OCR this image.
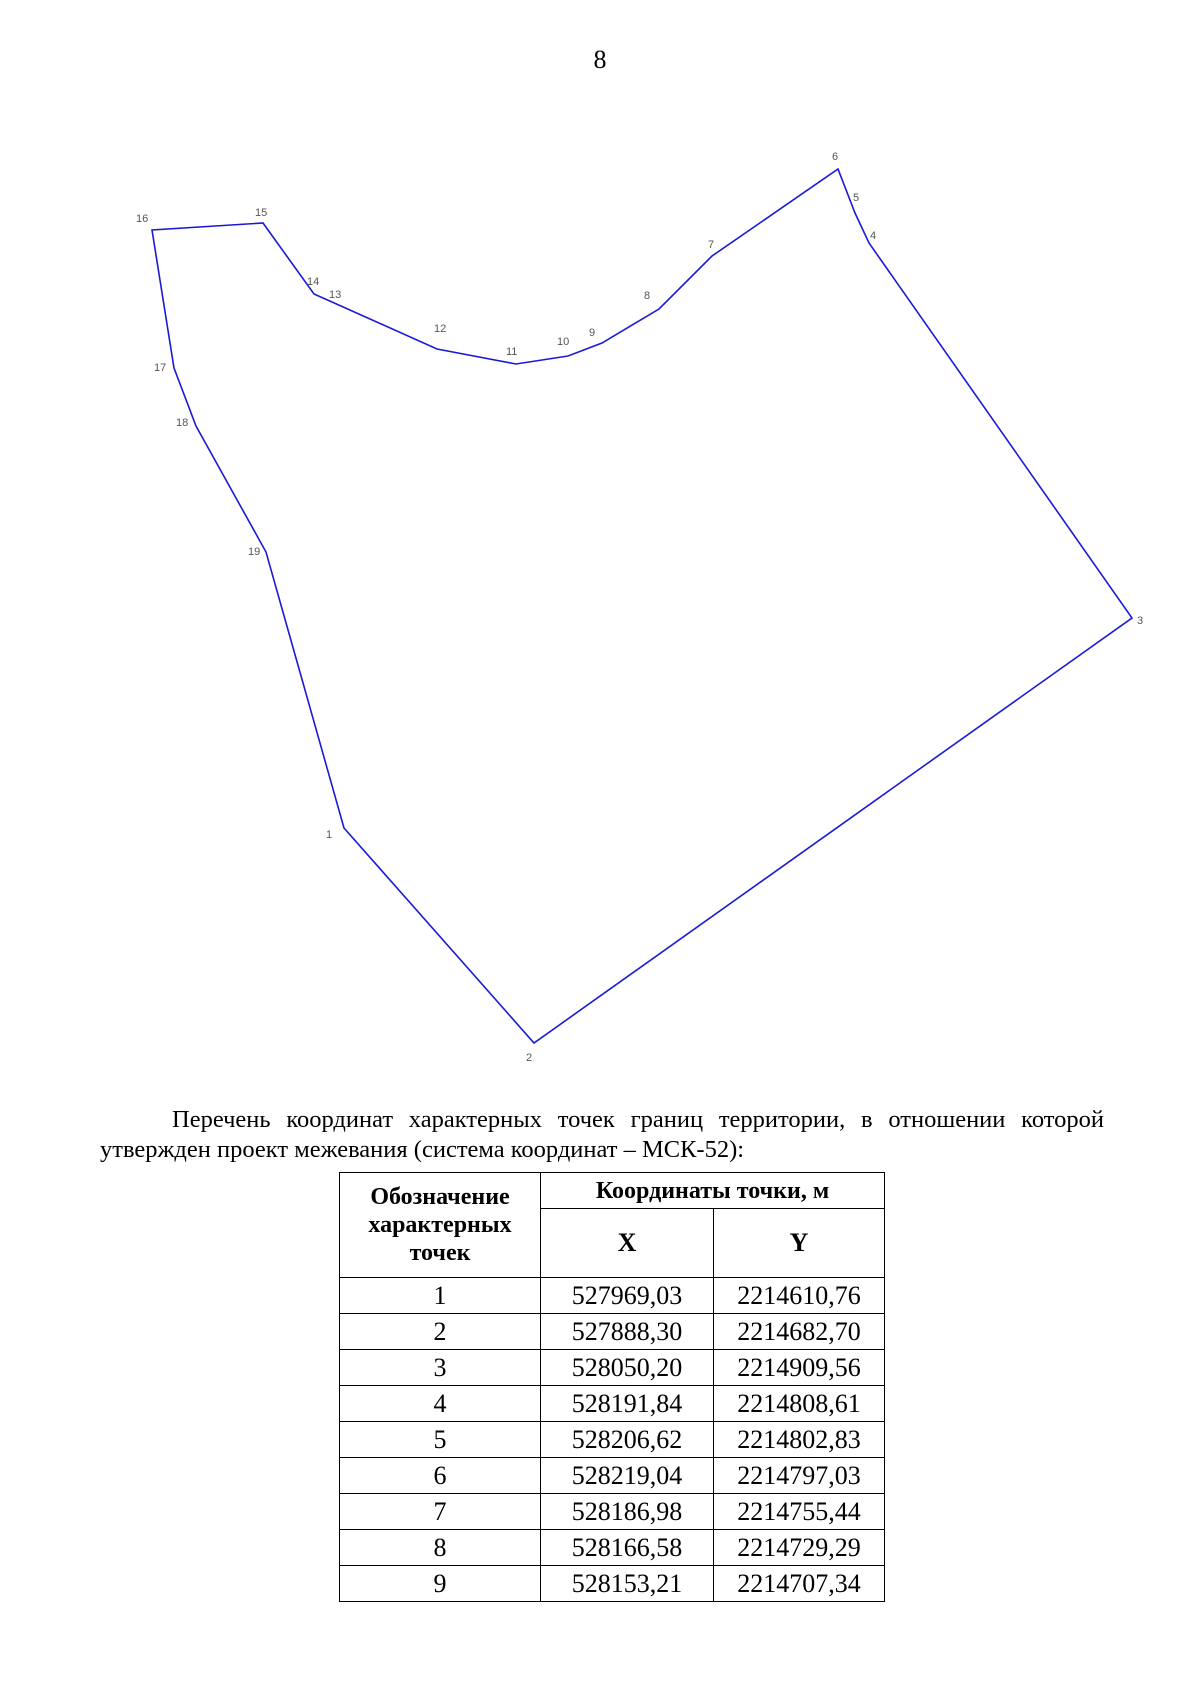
8
1
2
3
4
5
6
7
8
9
10
11
12
13
14
15
16
17
18
19
Перечень координат характерных точек границ территории, в отношении которой утвержден проект межевания (система координат – МСК-52):
Обозначение характерных точек	Координаты точки, м	
	X	Y
1	527969,03	2214610,76
2	527888,30	2214682,70
3	528050,20	2214909,56
4	528191,84	2214808,61
5	528206,62	2214802,83
6	528219,04	2214797,03
7	528186,98	2214755,44
8	528166,58	2214729,29
9	528153,21	2214707,34
